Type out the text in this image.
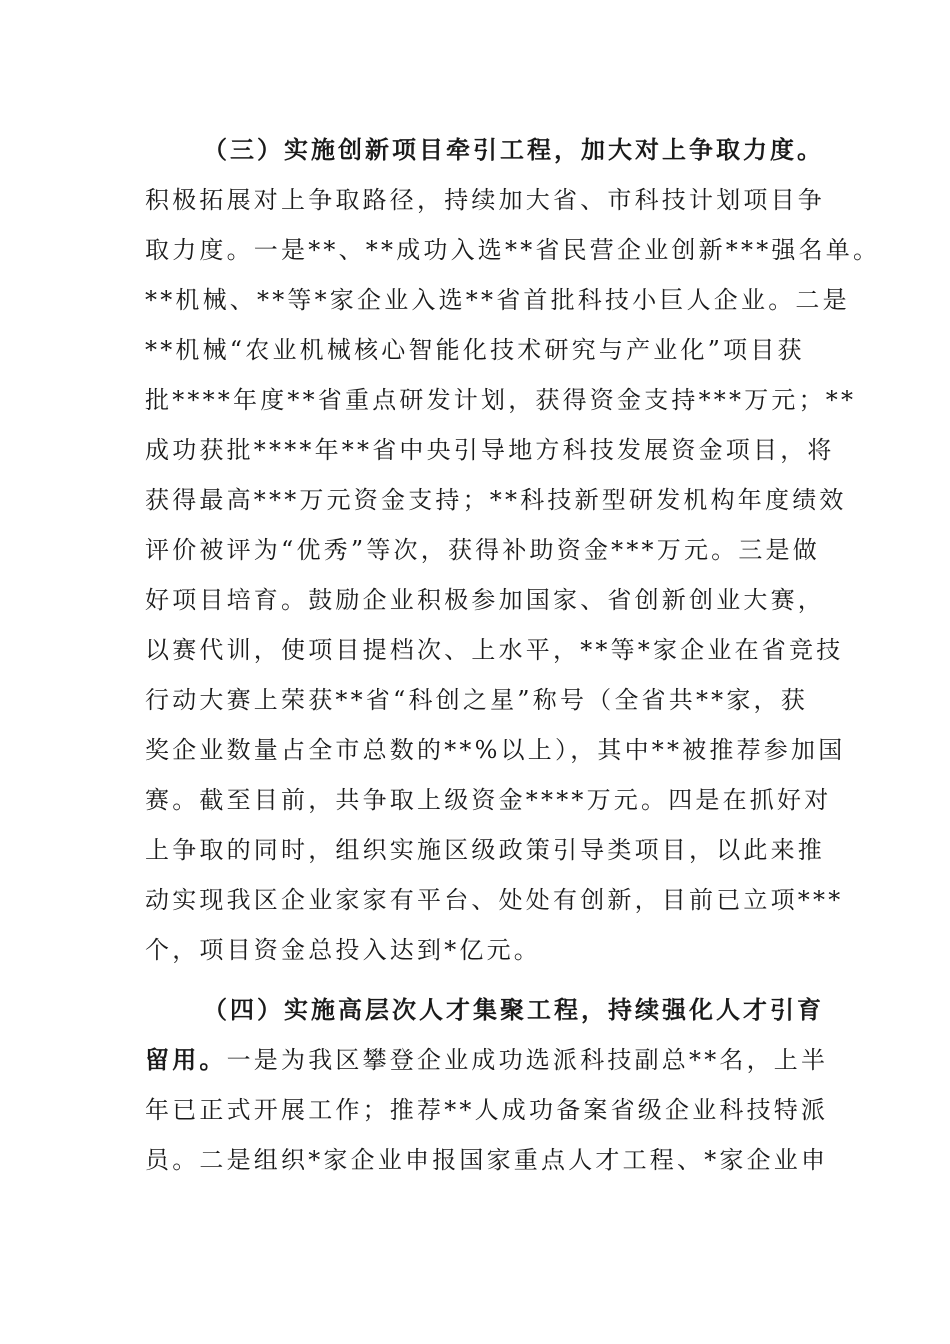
（三）实施创新项目牵引工程，加大对上争取力度。
积极拓展对上争取路径，持续加大省、市科技计划项目争
取力度。一是**、**成功入选**省民营企业创新***强名单。
**机械、**等*家企业入选**省首批科技小巨人企业。二是
**机械“农业机械核心智能化技术研究与产业化”项目获
批****年度**省重点研发计划，获得资金支持***万元；**
成功获批****年**省中央引导地方科技发展资金项目，将
获得最高***万元资金支持；**科技新型研发机构年度绩效
评价被评为“优秀”等次，获得补助资金***万元。三是做
好项目培育。鼓励企业积极参加国家、省创新创业大赛，
以赛代训，使项目提档次、上水平，**等*家企业在省竞技
行动大赛上荣获**省“科创之星”称号（全省共**家，获
奖企业数量占全市总数的**%以上），其中**被推荐参加国
赛。截至目前，共争取上级资金****万元。四是在抓好对
上争取的同时，组织实施区级政策引导类项目，以此来推
动实现我区企业家家有平台、处处有创新，目前已立项***
个，项目资金总投入达到*亿元。
（四）实施高层次人才集聚工程，持续强化人才引育
留用。一是为我区攀登企业成功选派科技副总**名，上半
年已正式开展工作；推荐**人成功备案省级企业科技特派
员。二是组织*家企业申报国家重点人才工程、*家企业申
